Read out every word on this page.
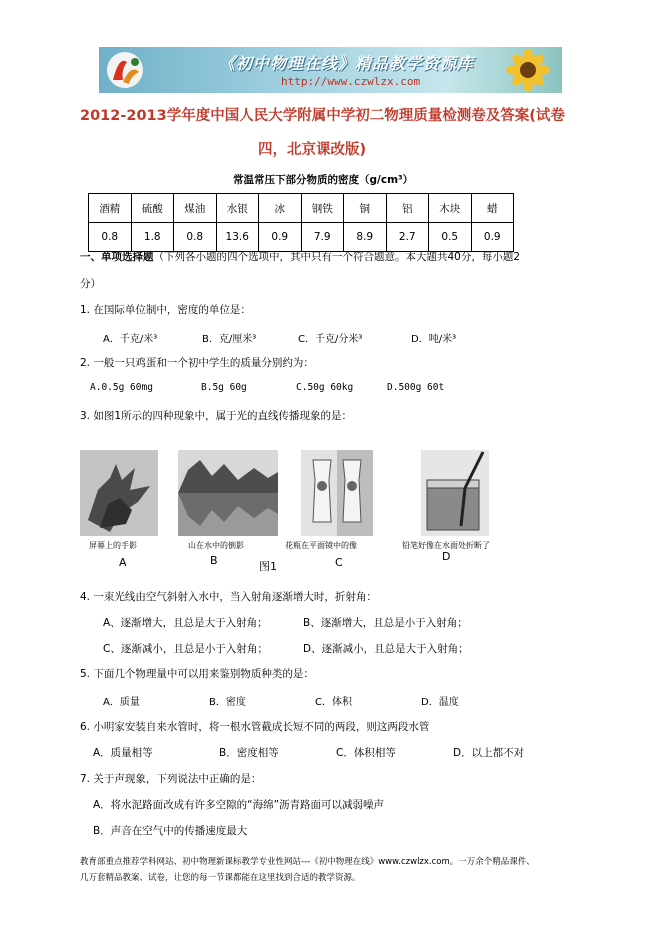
《初中物理在线》精品教学资源库
http://www.czwlzx.com
2012-2013学年度中国人民大学附属中学初二物理质量检测卷及答案(试卷
四，北京课改版)
常温常压下部分物质的密度（g/cm³）
酒精	硫酸	煤油	水银	冰	钢铁	铜	铝	木块	蜡
0.8	1.8	0.8	13.6	0.9	7.9	8.9	2.7	0.5	0.9
一、单项选择题（下列各小题的四个选项中，其中只有一个符合题意。本大题共40分，每小题2
分）
1. 在国际单位制中，密度的单位是：
A．千克/米³	B．克/厘米³	C．千克/分米³	D．吨/米³
2. 一般一只鸡蛋和一个初中学生的质量分别约为：
A.0.5g 60mg	B.5g 60g	C.50g 60kg	D.500g 60t
3. 如图1所示的四种现象中，属于光的直线传播现象的是：
屏幕上的手影	山在水中的倒影	花瓶在平面镜中的像	铅笔好像在水面处折断了
A	B	C	D
图1
4. 一束光线由空气斜射入水中，当入射角逐渐增大时，折射角：
A、逐渐增大，且总是大于入射角；	B、逐渐增大，且总是小于入射角；
C、逐渐减小，且总是小于入射角；	D、逐渐减小，且总是大于入射角；
5. 下面几个物理量中可以用来鉴别物质种类的是：
A．质量	B．密度	C．体积	D．温度
6. 小明家安装自来水管时，将一根水管截成长短不同的两段，则这两段水管
A．质量相等	B．密度相等	C．体积相等	D．以上都不对
7. 关于声现象，下列说法中正确的是：
A．将水泥路面改成有许多空隙的“海绵”沥青路面可以减弱噪声
B．声音在空气中的传播速度最大
教育部重点推荐学科网站、初中物理新课标教学专业性网站---《初中物理在线》www.czwlzx.com。一万余个精品课件、
几万套精品教案、试卷，让您的每一节课都能在这里找到合适的教学资源。
